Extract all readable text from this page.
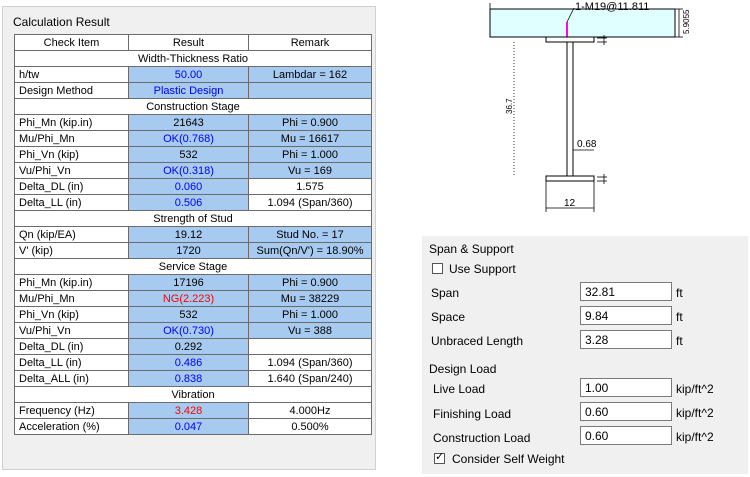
Calculation Result
Check Item	Result	Remark
Width-Thickness Ratio		
h/tw	50.00	Lambdar = 162
Design Method	Plastic Design	
Construction Stage		
Phi_Mn (kip.in)	21643	Phi = 0.900
Mu/Phi_Mn	OK(0.768)	Mu = 16617
Phi_Vn (kip)	532	Phi = 1.000
Vu/Phi_Vn	OK(0.318)	Vu = 169
Delta_DL (in)	0.060	1.575
Delta_LL (in)	0.506	1.094 (Span/360)
Strength of Stud		
Qn (kip/EA)	19.12	Stud No. = 17
V' (kip)	1720	Sum(Qn/V') = 18.90%
Service Stage		
Phi_Mn (kip.in)	17196	Phi = 0.900
Mu/Phi_Mn	NG(2.223)	Mu = 38229
Phi_Vn (kip)	532	Phi = 1.000
Vu/Phi_Vn	OK(0.730)	Vu = 388
Delta_DL (in)	0.292	
Delta_LL (in)	0.486	1.094 (Span/360)
Delta_ALL (in)	0.838	1.640 (Span/240)
Vibration		
Frequency (Hz)	3.428	4.000Hz
Acceleration (%)	0.047	0.500%
1-M19@11.811
5.9055
36.7
0.68
12
Span & Support
Use Support
Span
32.81	ft
Space
9.84	ft
Unbraced Length
3.28	ft
Design Load
Live Load
1.00	kip/ft^2
Finishing Load
0.60	kip/ft^2
Construction Load
0.60	kip/ft^2
✓ Consider Self Weight
